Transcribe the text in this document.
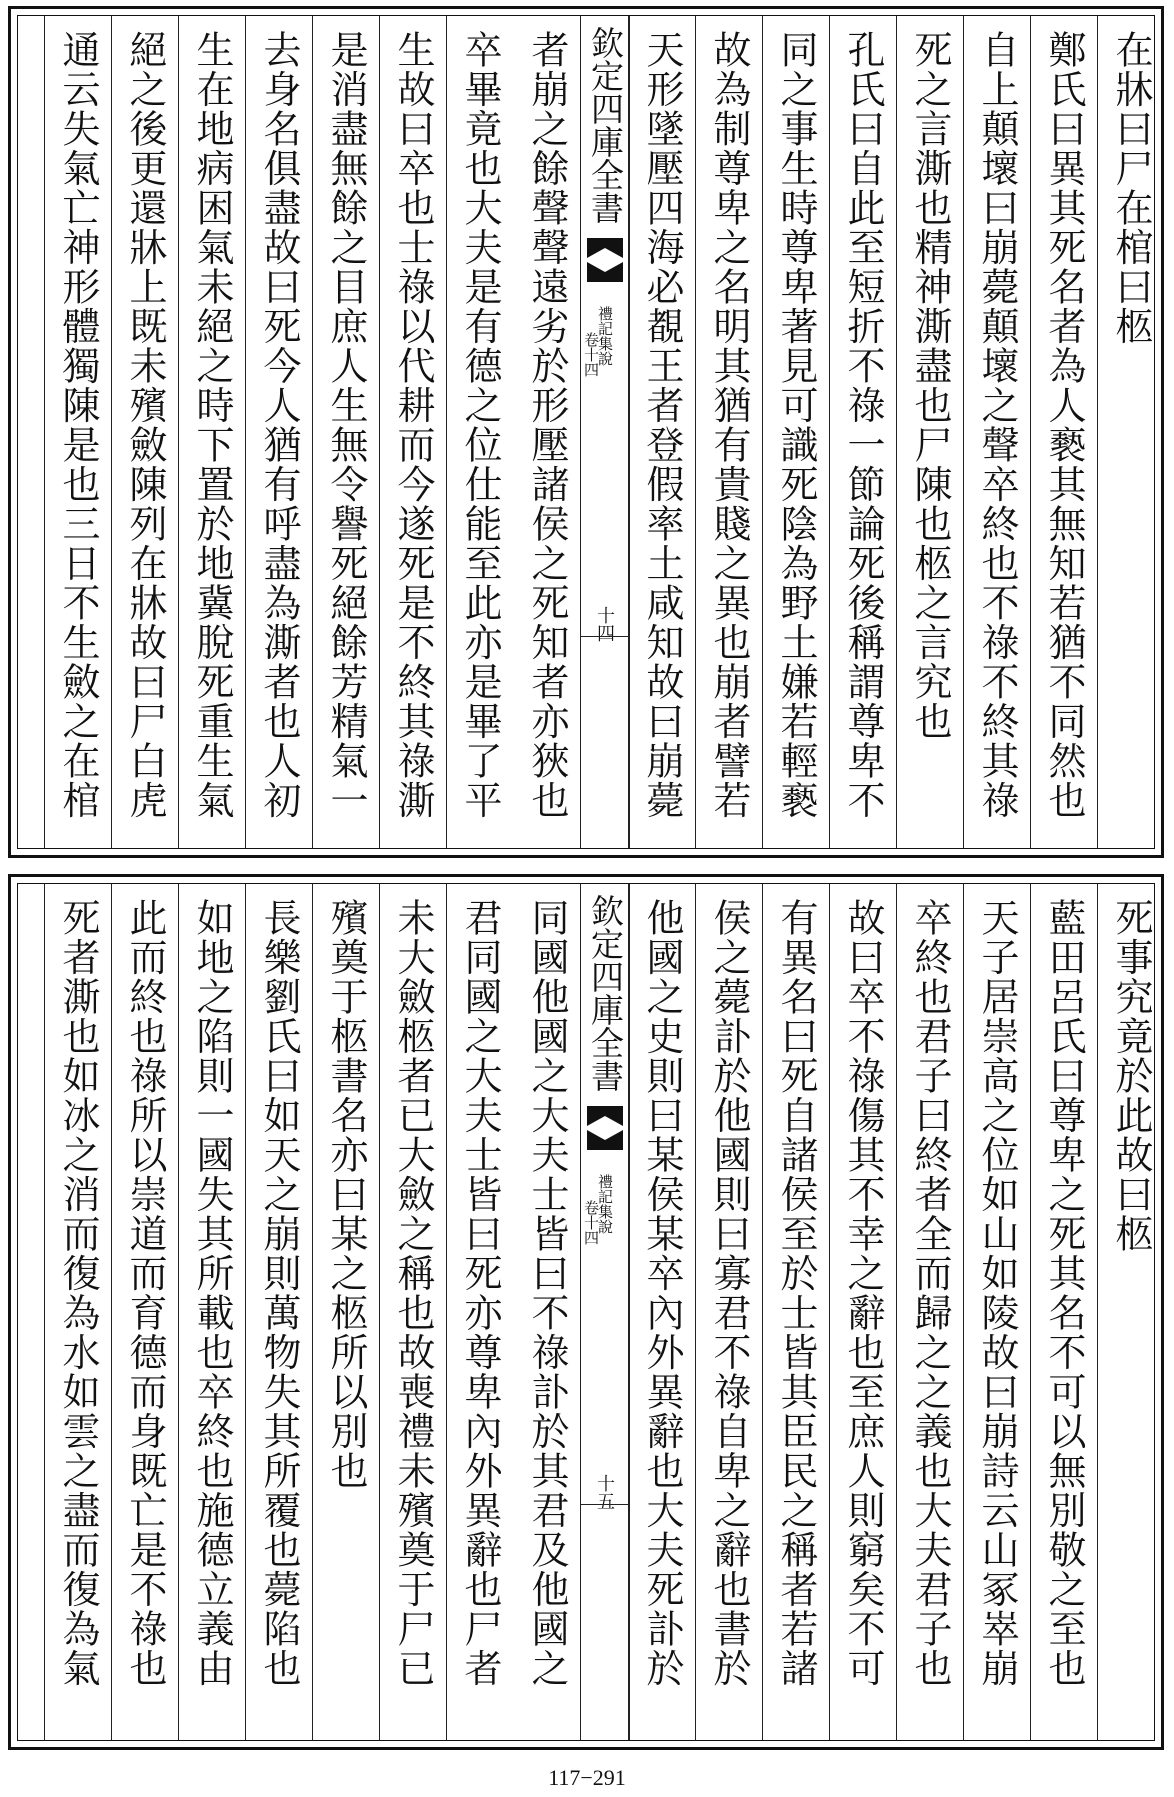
者崩之餘聲聲遠劣於形壓諸侯之死知者亦狹也
卒畢竟也大夫是有德之位仕能至此亦是畢了平
生故曰卒也士祿以代耕而今遂死是不終其祿澌
是消盡無餘之目庶人生無令譽死絕餘芳精氣一
去身名俱盡故曰死今人猶有呼盡為澌者也人初
生在地病困氣未絕之時下置於地冀脫死重生氣
絕之後更還牀上既未殯斂陳列在牀故曰尸白虎
通云失氣亡神形體獨陳是也三日不生斂之在棺	欽定四庫全書
禮記集說
卷十四
十四
在牀曰尸在棺曰柩
鄭氏曰異其死名者為人褻其無知若猶不同然也
自上顛壞曰崩薨顛壞之聲卒終也不祿不終其祿
死之言澌也精神澌盡也尸陳也柩之言究也
孔氏曰自此至短折不祿一節論死後稱謂尊卑不
同之事生時尊卑著見可識死陰為野土嫌若輕褻
故為制尊卑之名明其猶有貴賤之異也崩者譬若
天形墜壓四海必覩王者登假率土咸知故曰崩薨
同國他國之大夫士皆曰不祿訃於其君及他國之
君同國之大夫士皆曰死亦尊卑內外異辭也尸者
未大斂柩者已大斂之稱也故喪禮未殯奠于尸已
殯奠于柩書名亦曰某之柩所以別也
長樂劉氏曰如天之崩則萬物失其所覆也薨陷也
如地之陷則一國失其所載也卒終也施德立義由
此而終也祿所以崇道而育德而身既亡是不祿也
死者澌也如冰之消而復為水如雲之盡而復為氣	欽定四庫全書
禮記集說
卷十四
十五
死事究竟於此故曰柩
藍田呂氏曰尊卑之死其名不可以無別敬之至也
天子居崇高之位如山如陵故曰崩詩云山冢崒崩
卒終也君子曰終者全而歸之之義也大夫君子也
故曰卒不祿傷其不幸之辭也至庶人則窮矣不可
有異名曰死自諸侯至於士皆其臣民之稱者若諸
侯之薨訃於他國則曰寡君不祿自卑之辭也書於
他國之史則曰某侯某卒內外異辭也大夫死訃於
117−291
